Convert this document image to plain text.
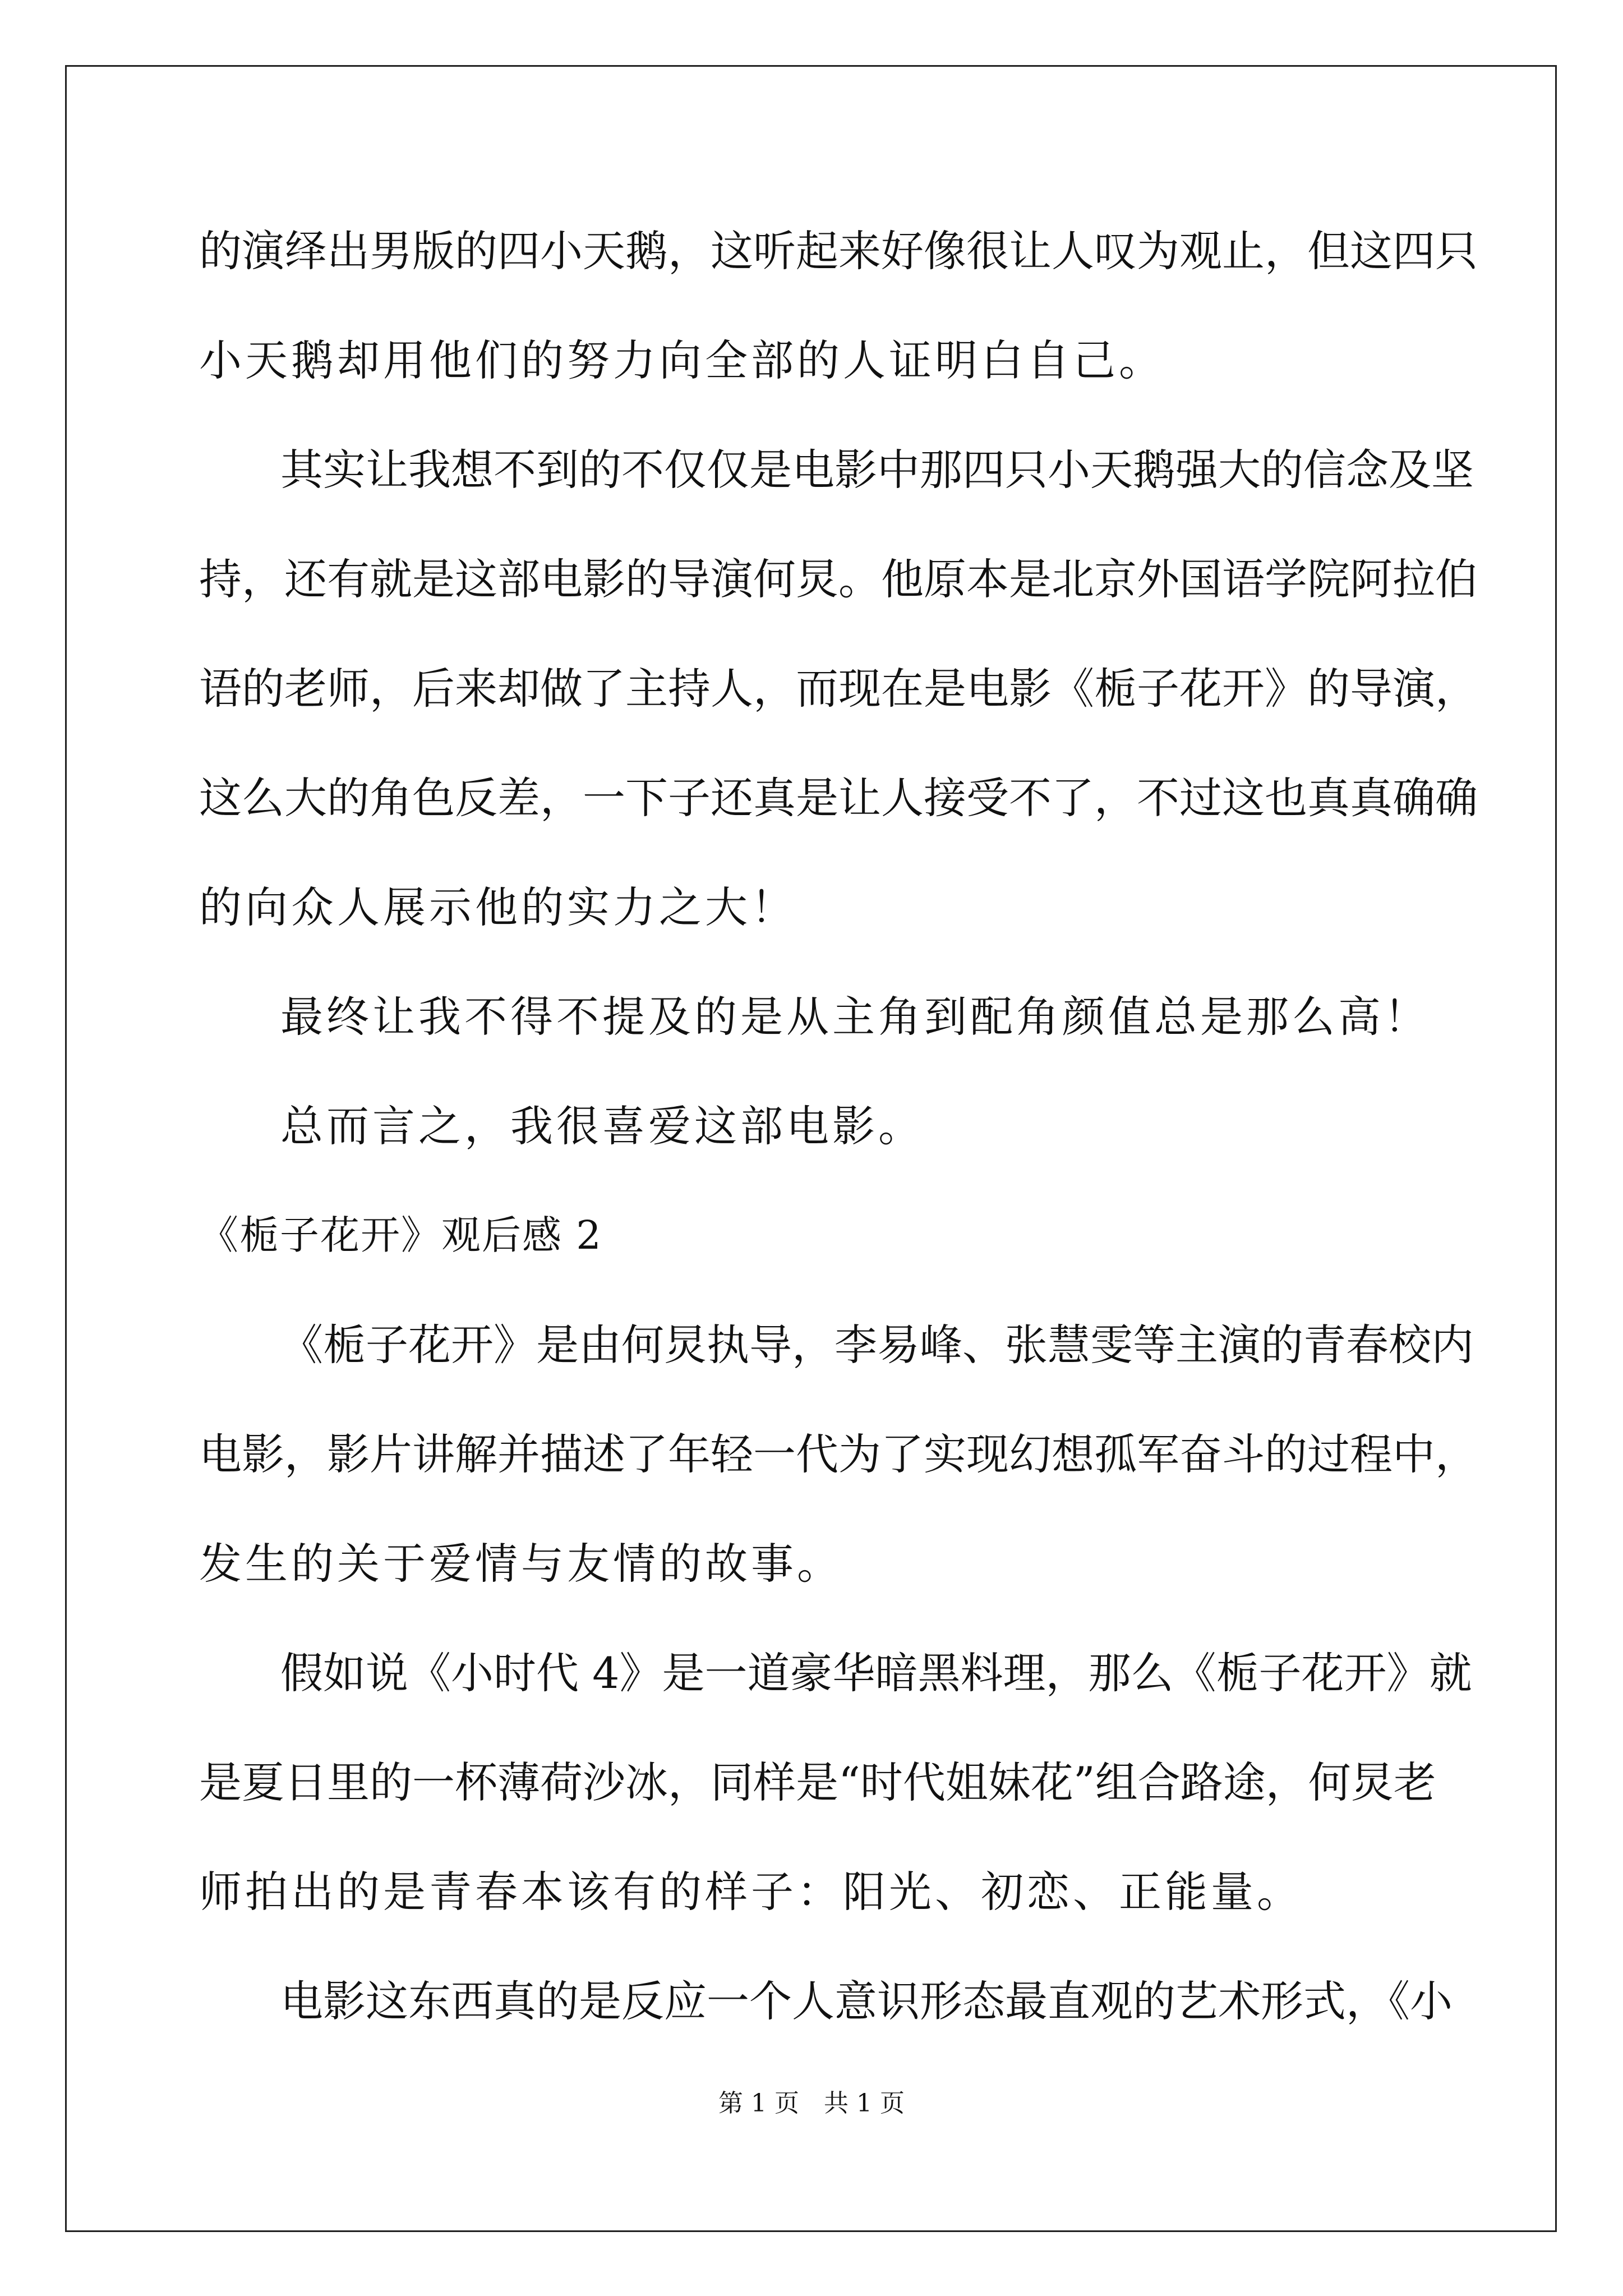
的演绎出男版的四小天鹅，这听起来好像很让人叹为观止，但这四只
小天鹅却用他们的努力向全部的人证明白自己。
其实让我想不到的不仅仅是电影中那四只小天鹅强大的信念及坚
持，还有就是这部电影的导演何炅。他原本是北京外国语学院阿拉伯
语的老师，后来却做了主持人，而现在是电影《栀子花开》的导演，
这么大的角色反差，一下子还真是让人接受不了，不过这也真真确确
的向众人展示他的实力之大！
最终让我不得不提及的是从主角到配角颜值总是那么高！
总而言之，我很喜爱这部电影。
《栀子花开》观后感 2
《栀子花开》是由何炅执导，李易峰、张慧雯等主演的青春校内
电影，影片讲解并描述了年轻一代为了实现幻想孤军奋斗的过程中，
发生的关于爱情与友情的故事。
假如说《小时代 4》是一道豪华暗黑料理，那么《栀子花开》就
是夏日里的一杯薄荷沙冰，同样是“时代姐妹花”组合路途，何炅老
师拍出的是青春本该有的样子：阳光、初恋、正能量。
电影这东西真的是反应一个人意识形态最直观的艺术形式，《小
第 1 页　共 1 页
